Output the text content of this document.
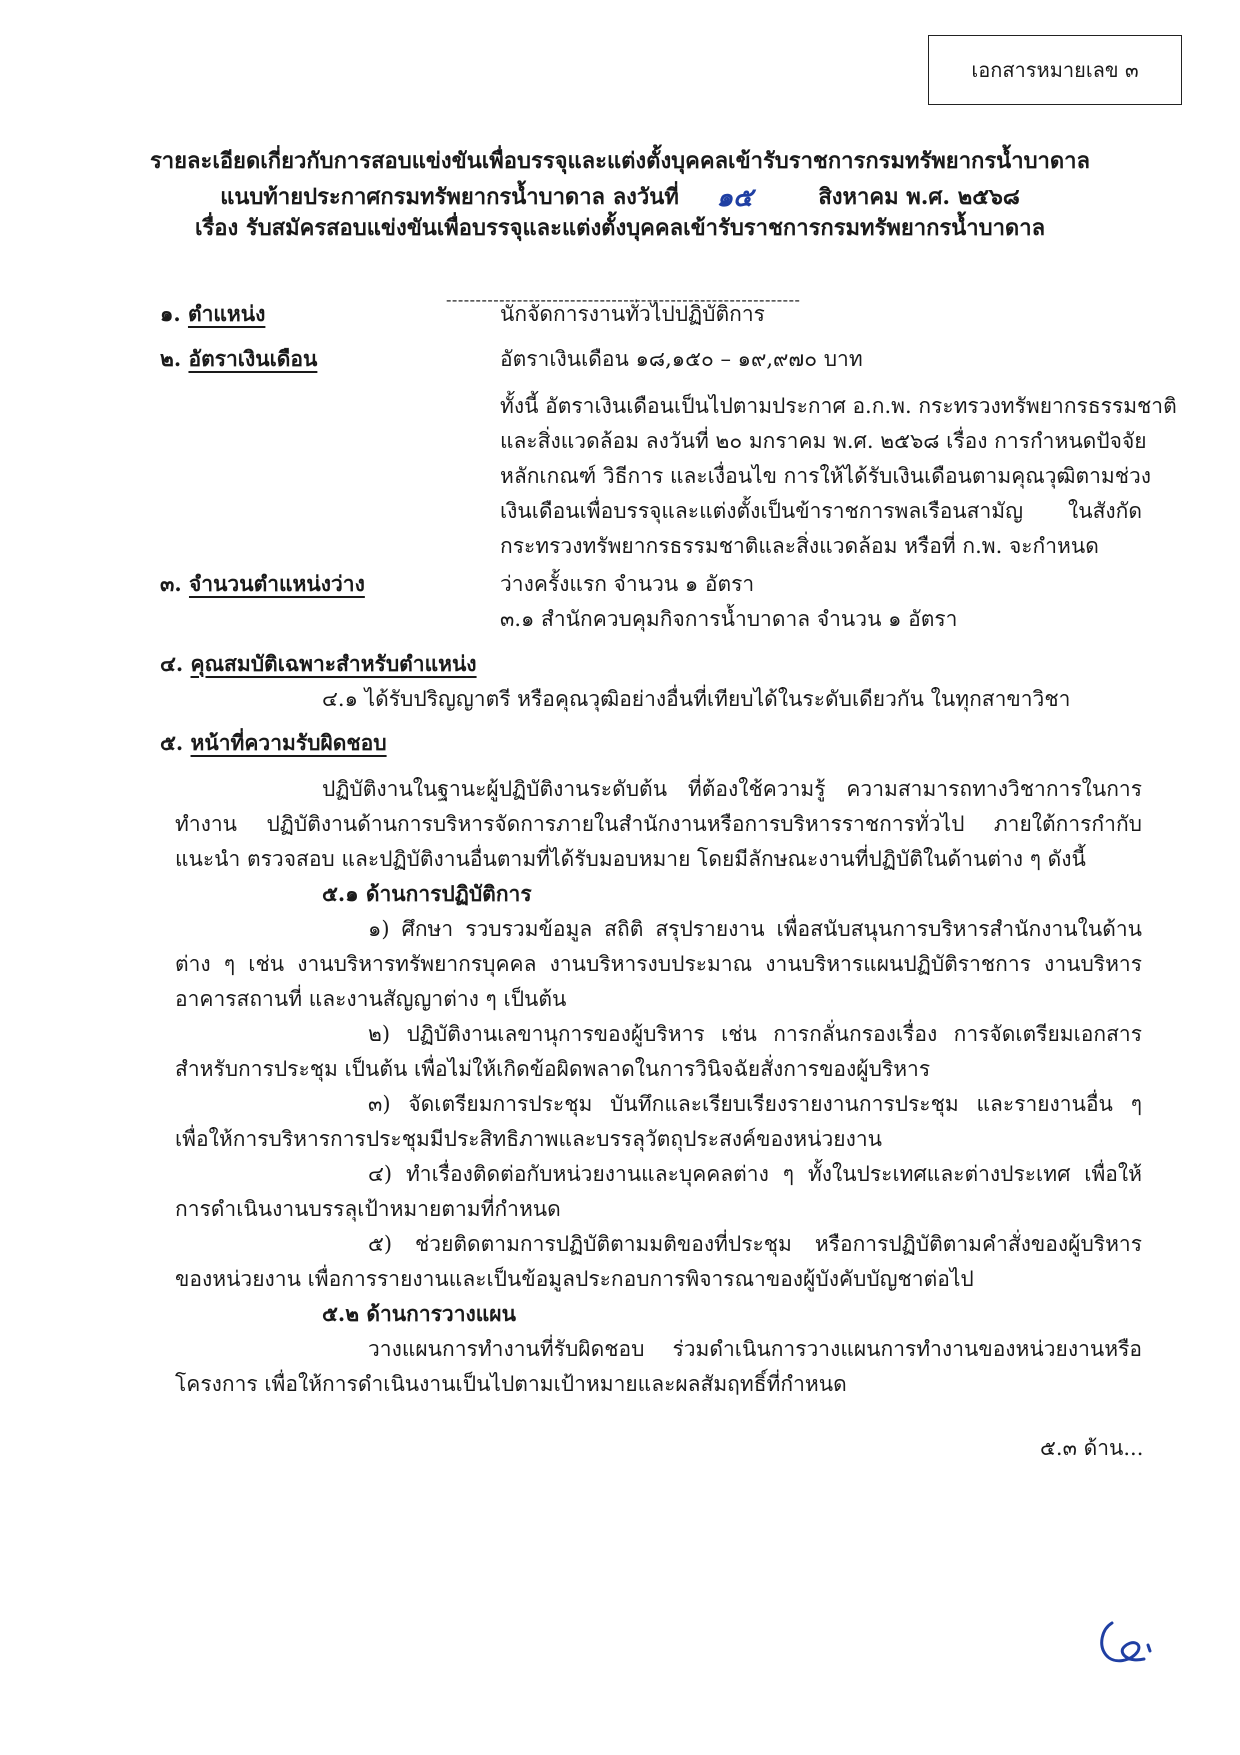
เอกสารหมายเลข ๓
รายละเอียดเกี่ยวกับการสอบแข่งขันเพื่อบรรจุและแต่งตั้งบุคคลเข้ารับราชการกรมทรัพยากรน้ำบาดาล
แนบท้ายประกาศกรมทรัพยากรน้ำบาดาล ลงวันที่ ๑๕	สิงหาคม พ.ศ. ๒๕๖๘
เรื่อง รับสมัครสอบแข่งขันเพื่อบรรจุและแต่งตั้งบุคคลเข้ารับราชการกรมทรัพยากรน้ำบาดาล
------------------------------------------------------------
๑. ตำแหน่ง	นักจัดการงานทั่วไปปฏิบัติการ
๒. อัตราเงินเดือน	อัตราเงินเดือน ๑๘,๑๕๐ – ๑๙,๙๗๐ บาท
ทั้งนี้ อัตราเงินเดือนเป็นไปตามประกาศ อ.ก.พ. กระทรวงทรัพยากรธรรมชาติ
และสิ่งแวดล้อม ลงวันที่ ๒๐ มกราคม พ.ศ. ๒๕๖๘ เรื่อง การกำหนดปัจจัย
หลักเกณฑ์ วิธีการ และเงื่อนไข การให้ได้รับเงินเดือนตามคุณวุฒิตามช่วง
เงินเดือนเพื่อบรรจุและแต่งตั้งเป็นข้าราชการพลเรือนสามัญ ในสังกัด
กระทรวงทรัพยากรธรรมชาติและสิ่งแวดล้อม หรือที่ ก.พ. จะกำหนด
๓. จำนวนตำแหน่งว่าง	ว่างครั้งแรก จำนวน ๑ อัตรา
๓.๑ สำนักควบคุมกิจการน้ำบาดาล จำนวน ๑ อัตรา
๔. คุณสมบัติเฉพาะสำหรับตำแหน่ง
๔.๑ ได้รับปริญญาตรี หรือคุณวุฒิอย่างอื่นที่เทียบได้ในระดับเดียวกัน ในทุกสาขาวิชา
๕. หน้าที่ความรับผิดชอบ
ปฏิบัติงานในฐานะผู้ปฏิบัติงานระดับต้น ที่ต้องใช้ความรู้ ความสามารถทางวิชาการในการ
ทำงาน ปฏิบัติงานด้านการบริหารจัดการภายในสำนักงานหรือการบริหารราชการทั่วไป ภายใต้การกำกับ
แนะนำ ตรวจสอบ และปฏิบัติงานอื่นตามที่ได้รับมอบหมาย โดยมีลักษณะงานที่ปฏิบัติในด้านต่าง ๆ ดังนี้
๕.๑ ด้านการปฏิบัติการ
๑) ศึกษา รวบรวมข้อมูล สถิติ สรุปรายงาน เพื่อสนับสนุนการบริหารสำนักงานในด้าน
ต่าง ๆ เช่น งานบริหารทรัพยากรบุคคล งานบริหารงบประมาณ งานบริหารแผนปฏิบัติราชการ งานบริหาร
อาคารสถานที่ และงานสัญญาต่าง ๆ เป็นต้น
๒) ปฏิบัติงานเลขานุการของผู้บริหาร เช่น การกลั่นกรองเรื่อง การจัดเตรียมเอกสาร
สำหรับการประชุม เป็นต้น เพื่อไม่ให้เกิดข้อผิดพลาดในการวินิจฉัยสั่งการของผู้บริหาร
๓) จัดเตรียมการประชุม บันทึกและเรียบเรียงรายงานการประชุม และรายงานอื่น ๆ
เพื่อให้การบริหารการประชุมมีประสิทธิภาพและบรรลุวัตถุประสงค์ของหน่วยงาน
๔) ทำเรื่องติดต่อกับหน่วยงานและบุคคลต่าง ๆ ทั้งในประเทศและต่างประเทศ เพื่อให้
การดำเนินงานบรรลุเป้าหมายตามที่กำหนด
๕) ช่วยติดตามการปฏิบัติตามมติของที่ประชุม หรือการปฏิบัติตามคำสั่งของผู้บริหาร
ของหน่วยงาน เพื่อการรายงานและเป็นข้อมูลประกอบการพิจารณาของผู้บังคับบัญชาต่อไป
๕.๒ ด้านการวางแผน
วางแผนการทำงานที่รับผิดชอบ ร่วมดำเนินการวางแผนการทำงานของหน่วยงานหรือ
โครงการ เพื่อให้การดำเนินงานเป็นไปตามเป้าหมายและผลสัมฤทธิ์ที่กำหนด
๕.๓ ด้าน...
